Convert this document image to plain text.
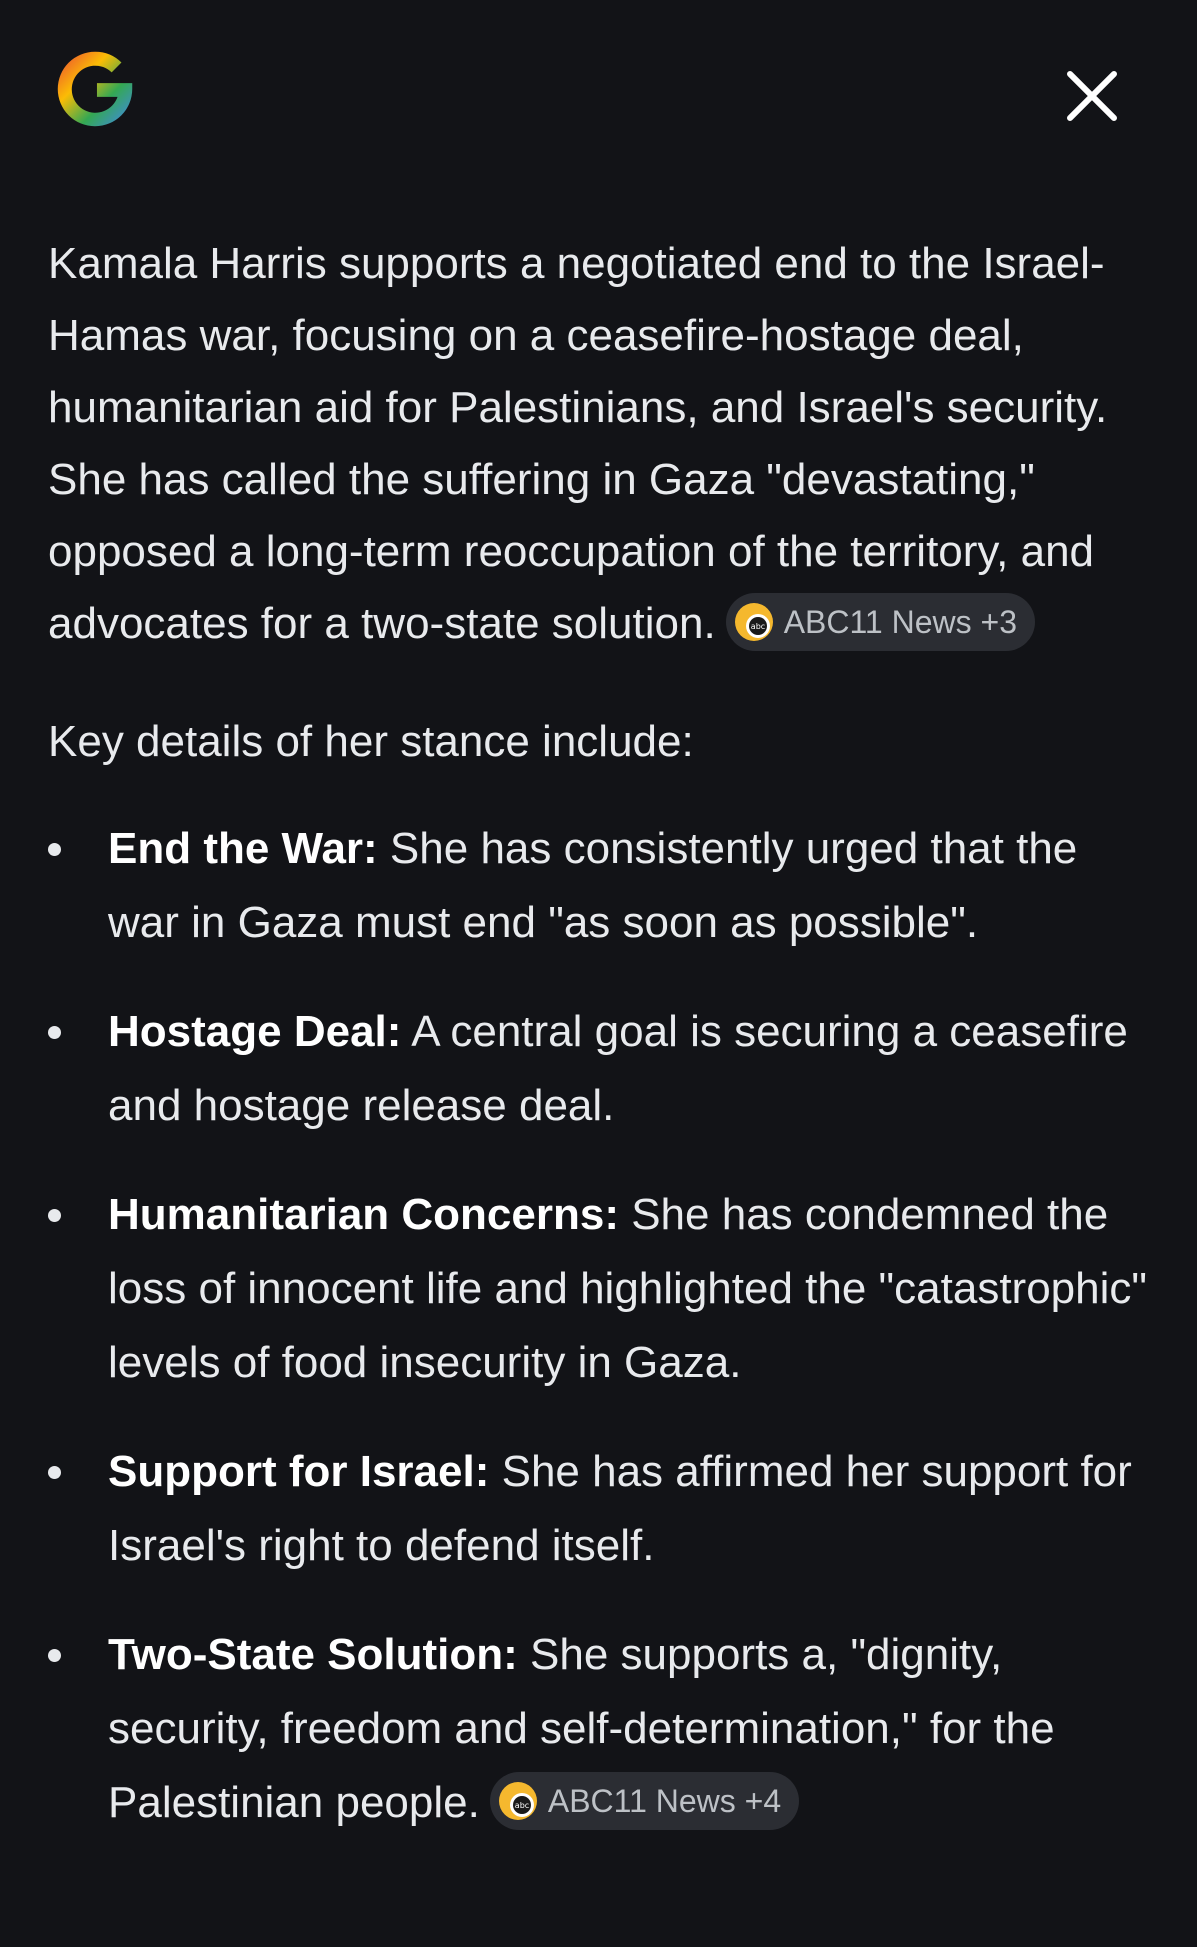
Kamala Harris supports a negotiated end to the Israel-Hamas war, focusing on a ceasefire-hostage deal, humanitarian aid for Palestinians, and Israel's security. She has called the suffering in Gaza "devastating," opposed a long-term reoccupation of the territory, and advocates for a two-state solution.	abc ABC11 News +3

Key details of her stance include:

End the War: She has consistently urged that the war in Gaza must end "as soon as possible".
Hostage Deal: A central goal is securing a ceasefire and hostage release deal.
Humanitarian Concerns: She has condemned the loss of innocent life and highlighted the "catastrophic" levels of food insecurity in Gaza.
Support for Israel: She has affirmed her support for Israel's right to defend itself.
Two-State Solution: She supports a, "dignity, security, freedom and self-determination," for the Palestinian people.	abc ABC11 News +4
